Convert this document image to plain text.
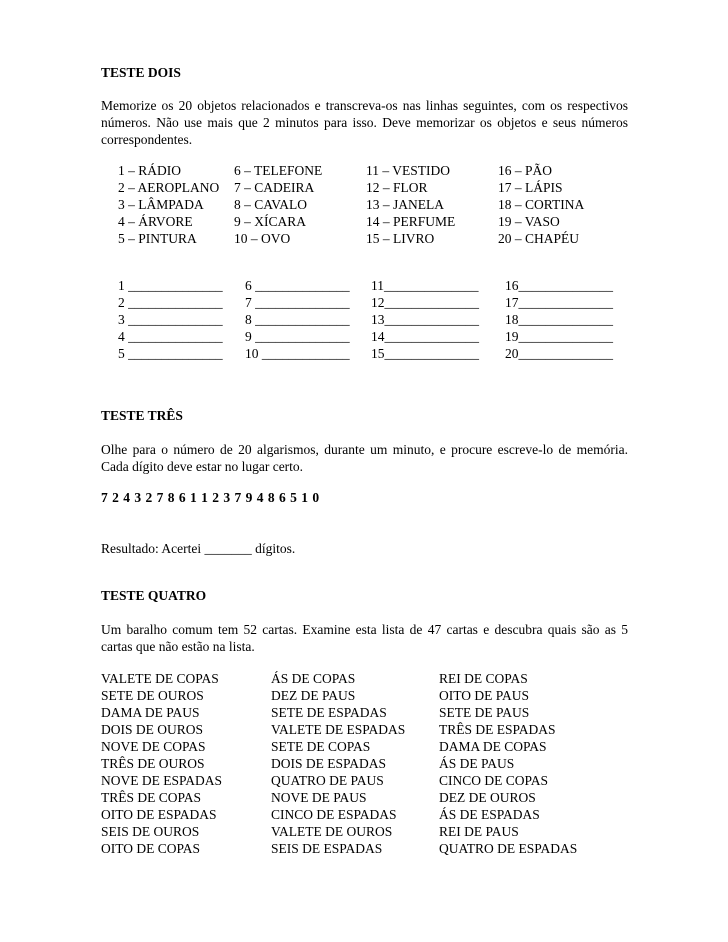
TESTE DOIS

Memorize os 20 objetos relacionados e transcreva-os nas linhas seguintes, com os respectivos números. Não use mais que 2 minutos para isso. Deve memorizar os objetos e seus números correspondentes.

1 – RÁDIO	6 – TELEFONE	11 – VESTIDO	16 – PÃO
2 – AEROPLANO	7 – CADEIRA	12 – FLOR	17 – LÁPIS
3 – LÂMPADA	8 – CAVALO	13 – JANELA	18 – CORTINA
4 – ÁRVORE	9 – XÍCARA	14 – PERFUME	19 – VASO
5 – PINTURA	10 – OVO	15 – LIVRO	20 – CHAPÉU
1 ______________	6 ______________	11______________	16______________
2 ______________	7 ______________	12______________	17______________
3 ______________	8 ______________	13______________	18______________
4 ______________	9 ______________	14______________	19______________
5 ______________	10 _____________	15______________	20______________

TESTE TRÊS

Olhe para o número de 20 algarismos, durante um minuto, e procure escreve-lo de memória. Cada dígito deve estar no lugar certo.

7 2 4 3 2 7 8 6 1 1 2 3 7 9 4 8 6 5 1 0

Resultado: Acertei _______ dígitos.

TESTE QUATRO

Um baralho comum tem 52 cartas. Examine esta lista de 47 cartas e descubra quais são as 5 cartas que não estão na lista.

VALETE DE COPAS	ÁS DE COPAS	REI DE COPAS
SETE DE OUROS	DEZ DE PAUS	OITO DE PAUS
DAMA DE PAUS	SETE DE ESPADAS	SETE DE PAUS
DOIS DE OUROS	VALETE DE ESPADAS	TRÊS DE ESPADAS
NOVE DE COPAS	SETE DE COPAS	DAMA DE COPAS
TRÊS DE OUROS	DOIS DE ESPADAS	ÁS DE PAUS
NOVE DE ESPADAS	QUATRO DE PAUS	CINCO DE COPAS
TRÊS DE COPAS	NOVE DE PAUS	DEZ DE OUROS
OITO DE ESPADAS	CINCO DE ESPADAS	ÁS DE ESPADAS
SEIS DE OUROS	VALETE DE OUROS	REI DE PAUS
OITO DE COPAS	SEIS DE ESPADAS	QUATRO DE ESPADAS
